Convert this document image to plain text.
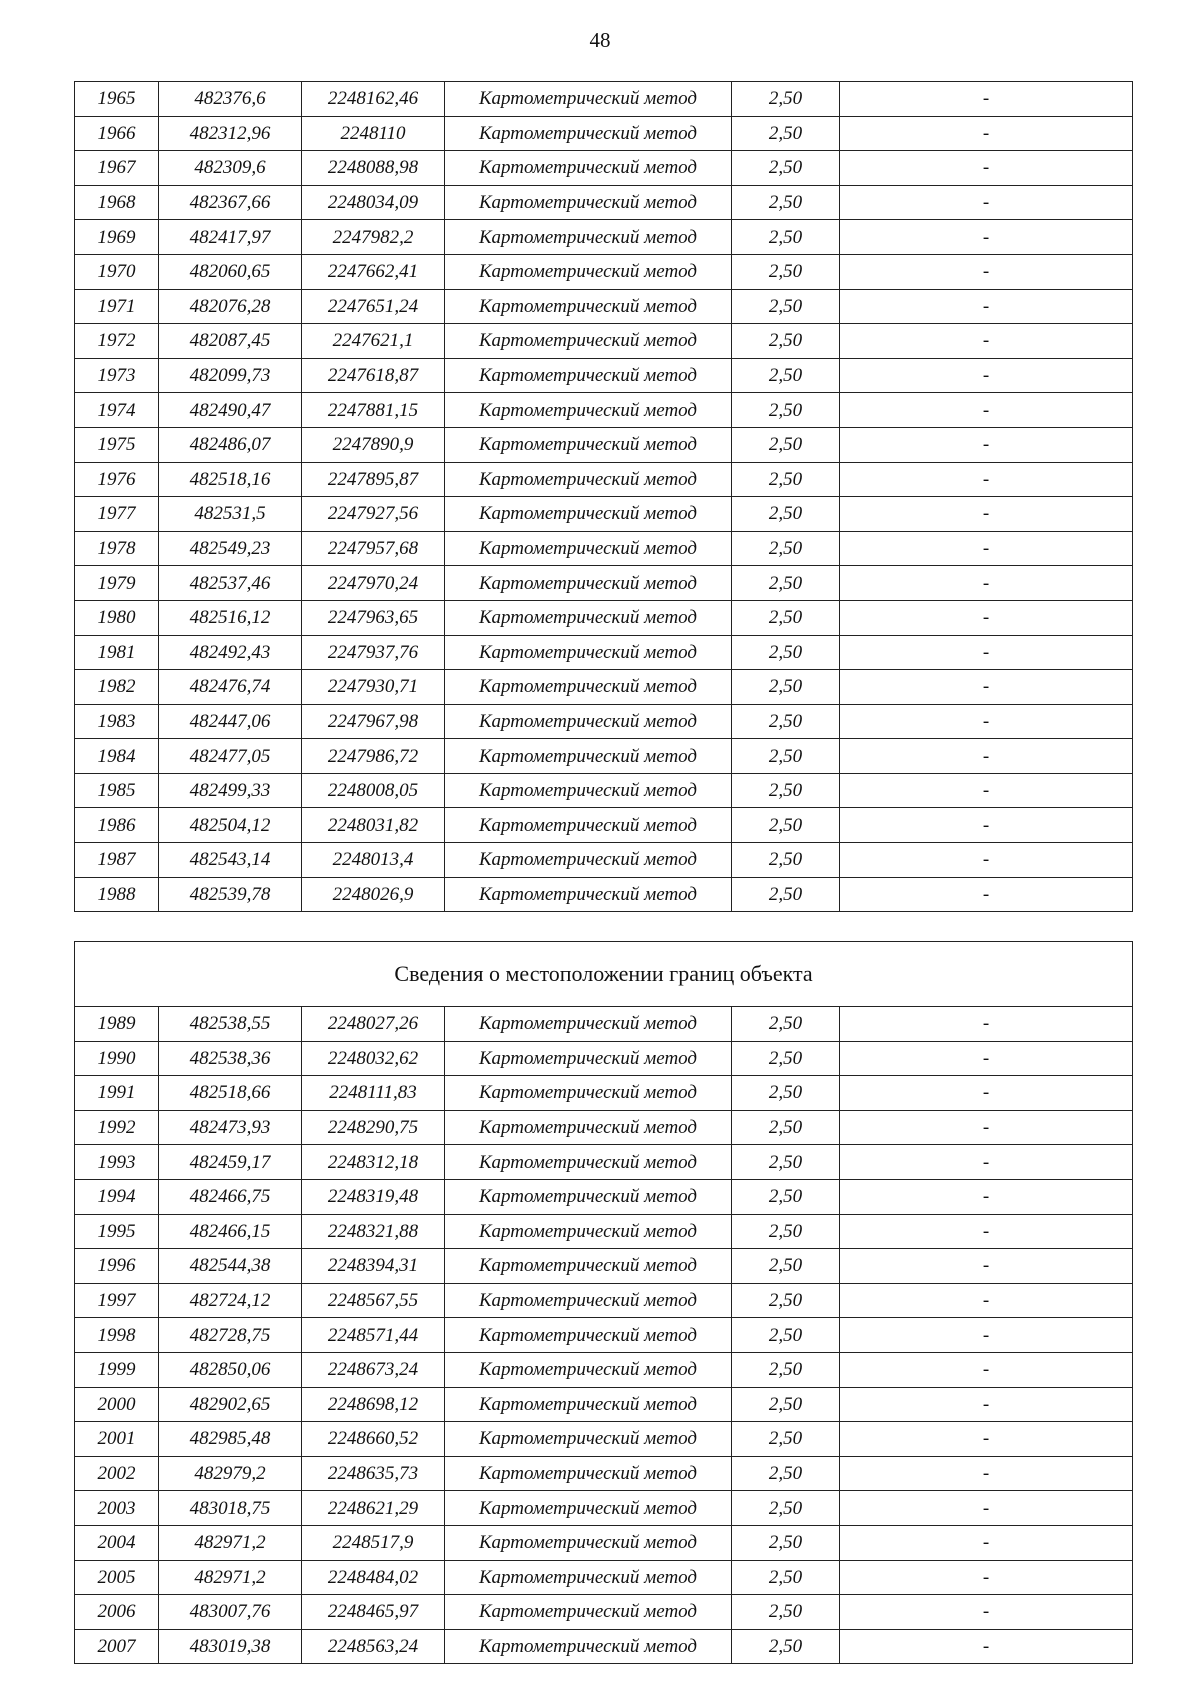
48
1965	482376,6	2248162,46	Картометрический метод	2,50	-
1966	482312,96	2248110	Картометрический метод	2,50	-
1967	482309,6	2248088,98	Картометрический метод	2,50	-
1968	482367,66	2248034,09	Картометрический метод	2,50	-
1969	482417,97	2247982,2	Картометрический метод	2,50	-
1970	482060,65	2247662,41	Картометрический метод	2,50	-
1971	482076,28	2247651,24	Картометрический метод	2,50	-
1972	482087,45	2247621,1	Картометрический метод	2,50	-
1973	482099,73	2247618,87	Картометрический метод	2,50	-
1974	482490,47	2247881,15	Картометрический метод	2,50	-
1975	482486,07	2247890,9	Картометрический метод	2,50	-
1976	482518,16	2247895,87	Картометрический метод	2,50	-
1977	482531,5	2247927,56	Картометрический метод	2,50	-
1978	482549,23	2247957,68	Картометрический метод	2,50	-
1979	482537,46	2247970,24	Картометрический метод	2,50	-
1980	482516,12	2247963,65	Картометрический метод	2,50	-
1981	482492,43	2247937,76	Картометрический метод	2,50	-
1982	482476,74	2247930,71	Картометрический метод	2,50	-
1983	482447,06	2247967,98	Картометрический метод	2,50	-
1984	482477,05	2247986,72	Картометрический метод	2,50	-
1985	482499,33	2248008,05	Картометрический метод	2,50	-
1986	482504,12	2248031,82	Картометрический метод	2,50	-
1987	482543,14	2248013,4	Картометрический метод	2,50	-
1988	482539,78	2248026,9	Картометрический метод	2,50	-
Сведения о местоположении границ объекта					
1989	482538,55	2248027,26	Картометрический метод	2,50	-
1990	482538,36	2248032,62	Картометрический метод	2,50	-
1991	482518,66	2248111,83	Картометрический метод	2,50	-
1992	482473,93	2248290,75	Картометрический метод	2,50	-
1993	482459,17	2248312,18	Картометрический метод	2,50	-
1994	482466,75	2248319,48	Картометрический метод	2,50	-
1995	482466,15	2248321,88	Картометрический метод	2,50	-
1996	482544,38	2248394,31	Картометрический метод	2,50	-
1997	482724,12	2248567,55	Картометрический метод	2,50	-
1998	482728,75	2248571,44	Картометрический метод	2,50	-
1999	482850,06	2248673,24	Картометрический метод	2,50	-
2000	482902,65	2248698,12	Картометрический метод	2,50	-
2001	482985,48	2248660,52	Картометрический метод	2,50	-
2002	482979,2	2248635,73	Картометрический метод	2,50	-
2003	483018,75	2248621,29	Картометрический метод	2,50	-
2004	482971,2	2248517,9	Картометрический метод	2,50	-
2005	482971,2	2248484,02	Картометрический метод	2,50	-
2006	483007,76	2248465,97	Картометрический метод	2,50	-
2007	483019,38	2248563,24	Картометрический метод	2,50	-
